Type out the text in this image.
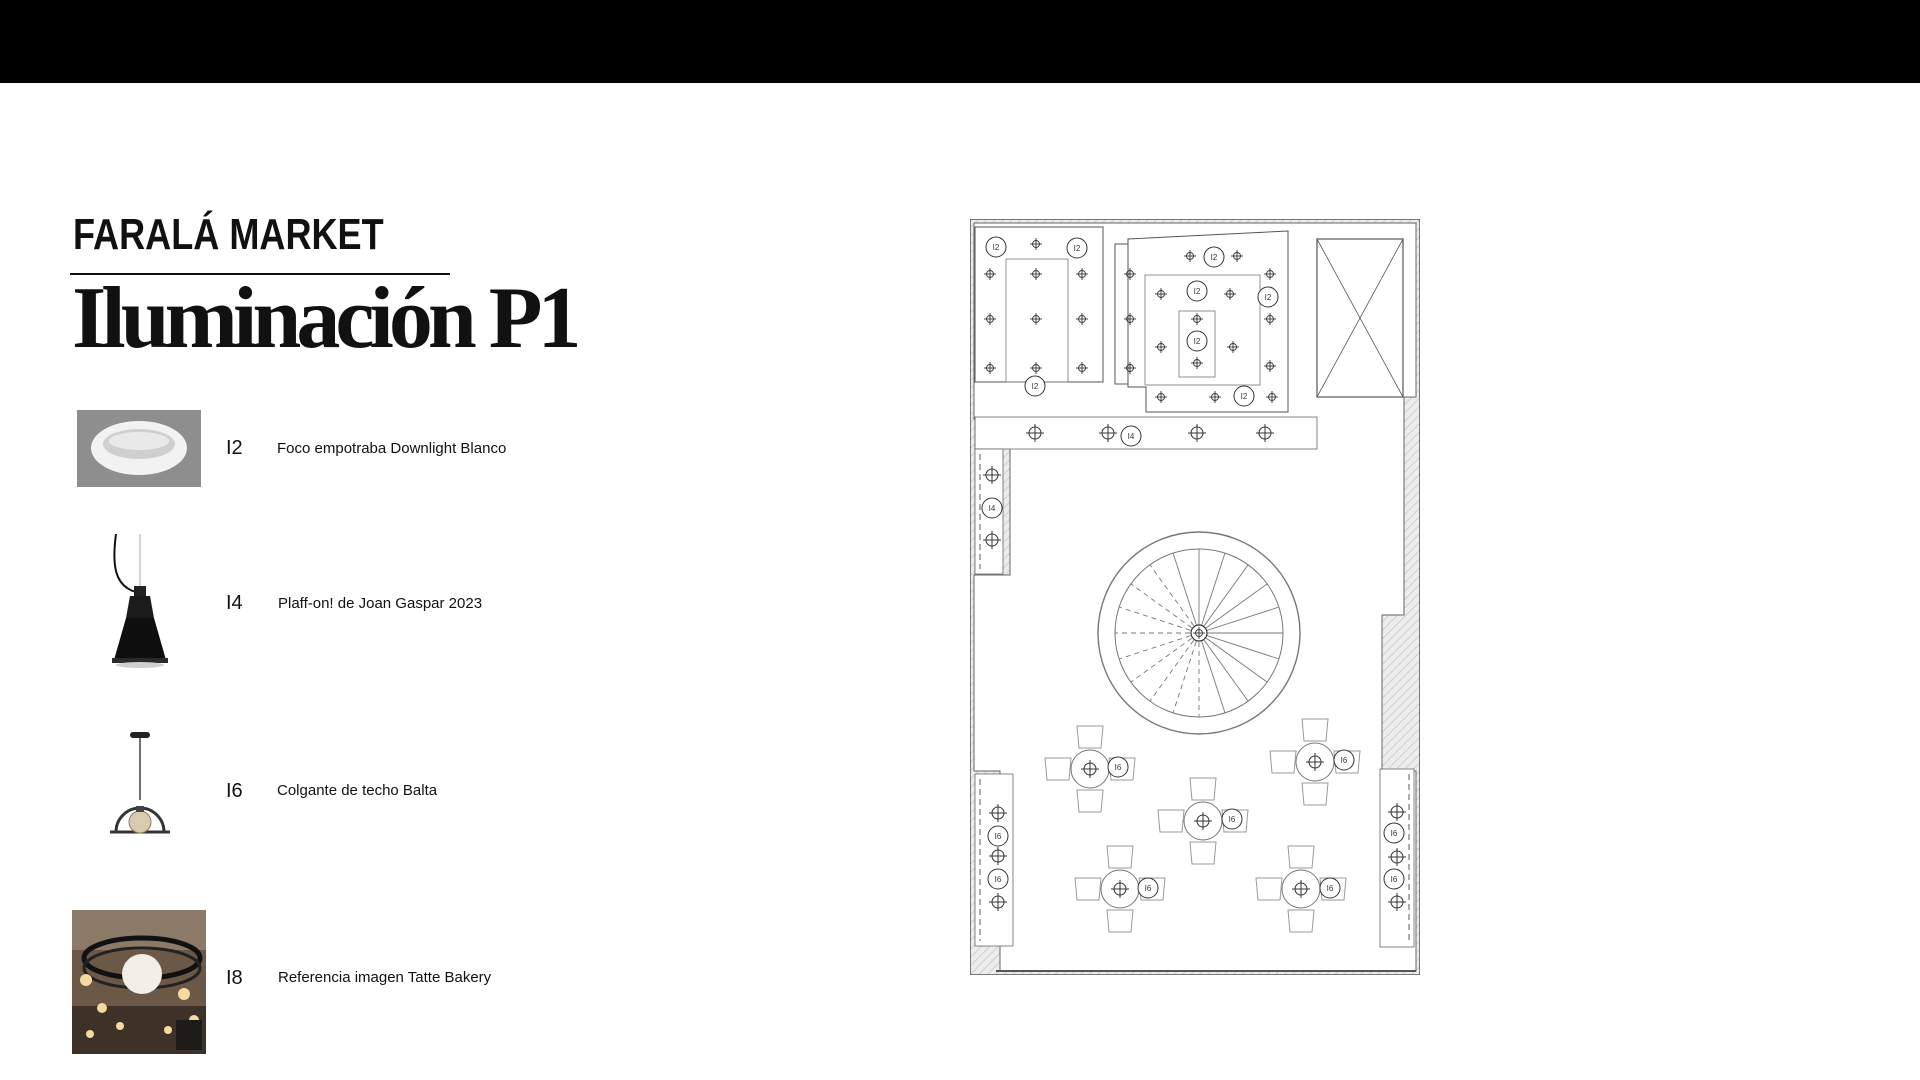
FARALÁ MARKET
Iluminación P1
I2 Foco empotraba Downlight Blanco
I4 Plaff-on! de Joan Gaspar 2023
I6 Colgante de techo Balta
I8 Referencia imagen Tatte Bakery
I2	I2
I2
I2
I2
I2
I2
I2
I4
I4
I6
I6
I6
I6	I6
I6
I6
I6
I6
